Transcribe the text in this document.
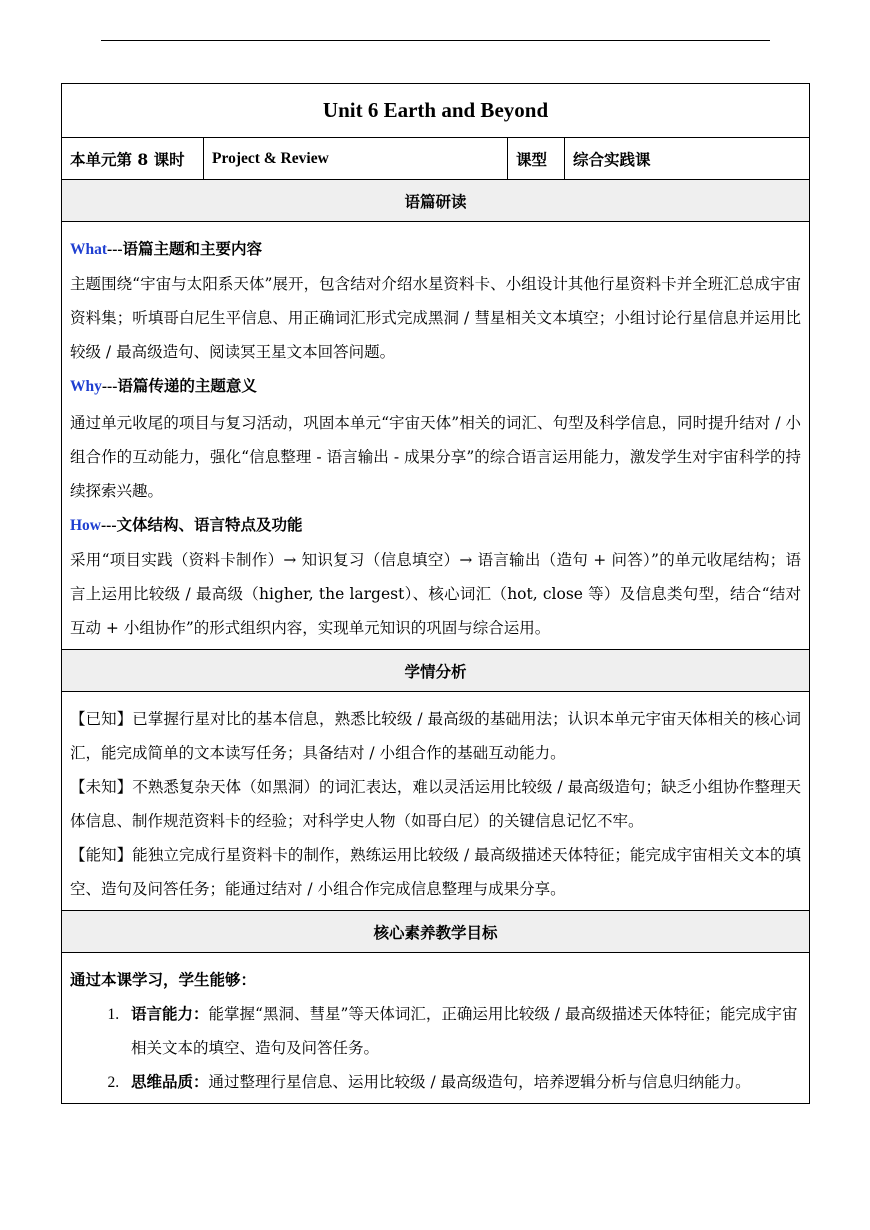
Unit 6 Earth and Beyond
本单元第 8 课时	Project & Review	课型	综合实践课
语篇研读

What---语篇主题和主要内容

主题围绕“宇宙与太阳系天体”展开，包含结对介绍水星资料卡、小组设计其他行星资料卡并全班汇总成宇宙资料集；听填哥白尼生平信息、用正确词汇形式完成黑洞 / 彗星相关文本填空；小组讨论行星信息并运用比较级 / 最高级造句、阅读冥王星文本回答问题。

Why---语篇传递的主题意义

通过单元收尾的项目与复习活动，巩固本单元“宇宙天体”相关的词汇、句型及科学信息，同时提升结对 / 小组合作的互动能力，强化“信息整理 - 语言输出 - 成果分享”的综合语言运用能力，激发学生对宇宙科学的持续探索兴趣。

How---文体结构、语言特点及功能

采用“项目实践（资料卡制作）→ 知识复习（信息填空）→ 语言输出（造句 + 问答）”的单元收尾结构；语言上运用比较级 / 最高级（higher, the largest）、核心词汇（hot, close 等）及信息类句型，结合“结对互动 + 小组协作”的形式组织内容，实现单元知识的巩固与综合运用。

学情分析

【已知】已掌握行星对比的基本信息，熟悉比较级 / 最高级的基础用法；认识本单元宇宙天体相关的核心词汇，能完成简单的文本读写任务；具备结对 / 小组合作的基础互动能力。

【未知】不熟悉复杂天体（如黑洞）的词汇表达，难以灵活运用比较级 / 最高级造句；缺乏小组协作整理天体信息、制作规范资料卡的经验；对科学史人物（如哥白尼）的关键信息记忆不牢。

【能知】能独立完成行星资料卡的制作，熟练运用比较级 / 最高级描述天体特征；能完成宇宙相关文本的填空、造句及问答任务；能通过结对 / 小组合作完成信息整理与成果分享。

核心素养教学目标

通过本课学习，学生能够：

1. 语言能力：能掌握“黑洞、彗星”等天体词汇，正确运用比较级 / 最高级描述天体特征；能完成宇宙相关文本的填空、造句及问答任务。
2. 思维品质：通过整理行星信息、运用比较级 / 最高级造句，培养逻辑分析与信息归纳能力。
